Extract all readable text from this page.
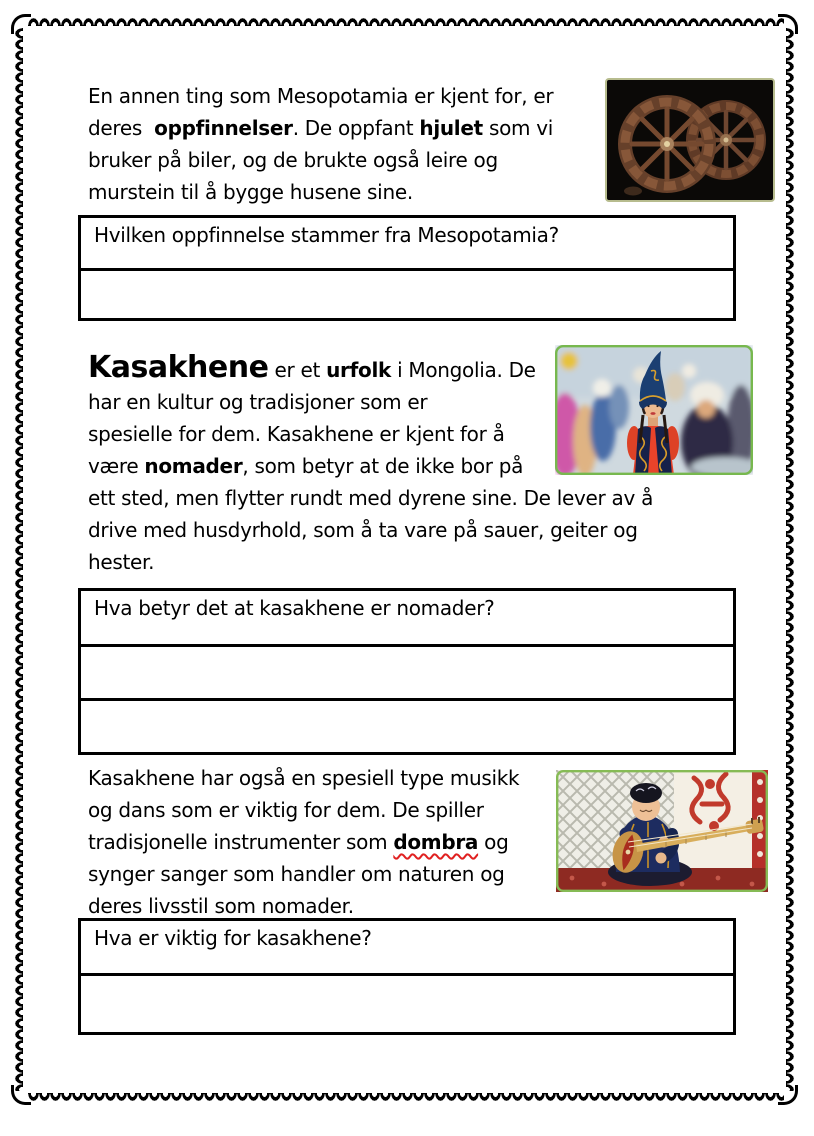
En annen ting som Mesopotamia er kjent for, er
deres  oppfinnelser. De oppfant hjulet som vi
bruker på biler, og de brukte også leire og
murstein til å bygge husene sine.

Hvilken oppfinnelse stammer fra Mesopotamia?

Kasakhene er et urfolk i Mongolia. De
har en kultur og tradisjoner som er
spesielle for dem. Kasakhene er kjent for å
være nomader, som betyr at de ikke bor på
ett sted, men flytter rundt med dyrene sine. De lever av å
drive med husdyrhold, som å ta vare på sauer, geiter og
hester.

Hva betyr det at kasakhene er nomader?

Kasakhene har også en spesiell type musikk
og dans som er viktig for dem. De spiller
tradisjonelle instrumenter som dombra og
synger sanger som handler om naturen og
deres livsstil som nomader.

Hva er viktig for kasakhene?
